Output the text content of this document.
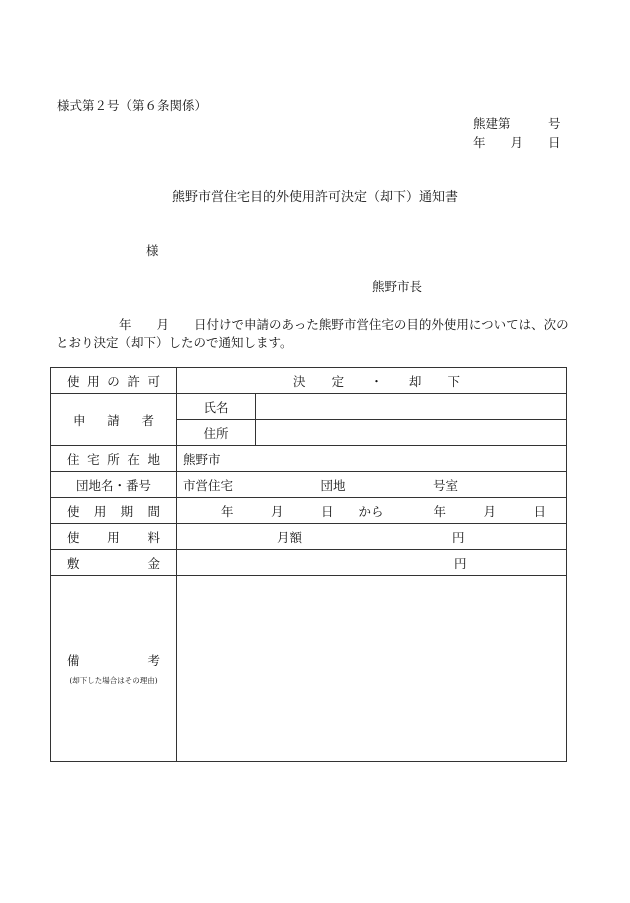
様式第２号（第６条関係）
熊建第　　　号
年　　月　　日
熊野市営住宅目的外使用許可決定（却下）通知書
様
熊野市長
年　　月　　日付けで申請のあった熊野市営住宅の目的外使用については、次の
とおり決定（却下）したので通知します。
使 用 の 許 可	決 定 ・ 却 下	

申 請 者	氏名	
	住所	

住 宅 所 在 地	熊野市	
団地名・番号	市営住宅　　　　　　　団地　　　　　　　号室	

使 用 期 間	年　　　月　　　日　　から　　　　年　　　月　　　日	

使 用 料	月額　　　　　　　　　　　　円	

敷 金	円	

備 考
(却下した場合はその理由)		
